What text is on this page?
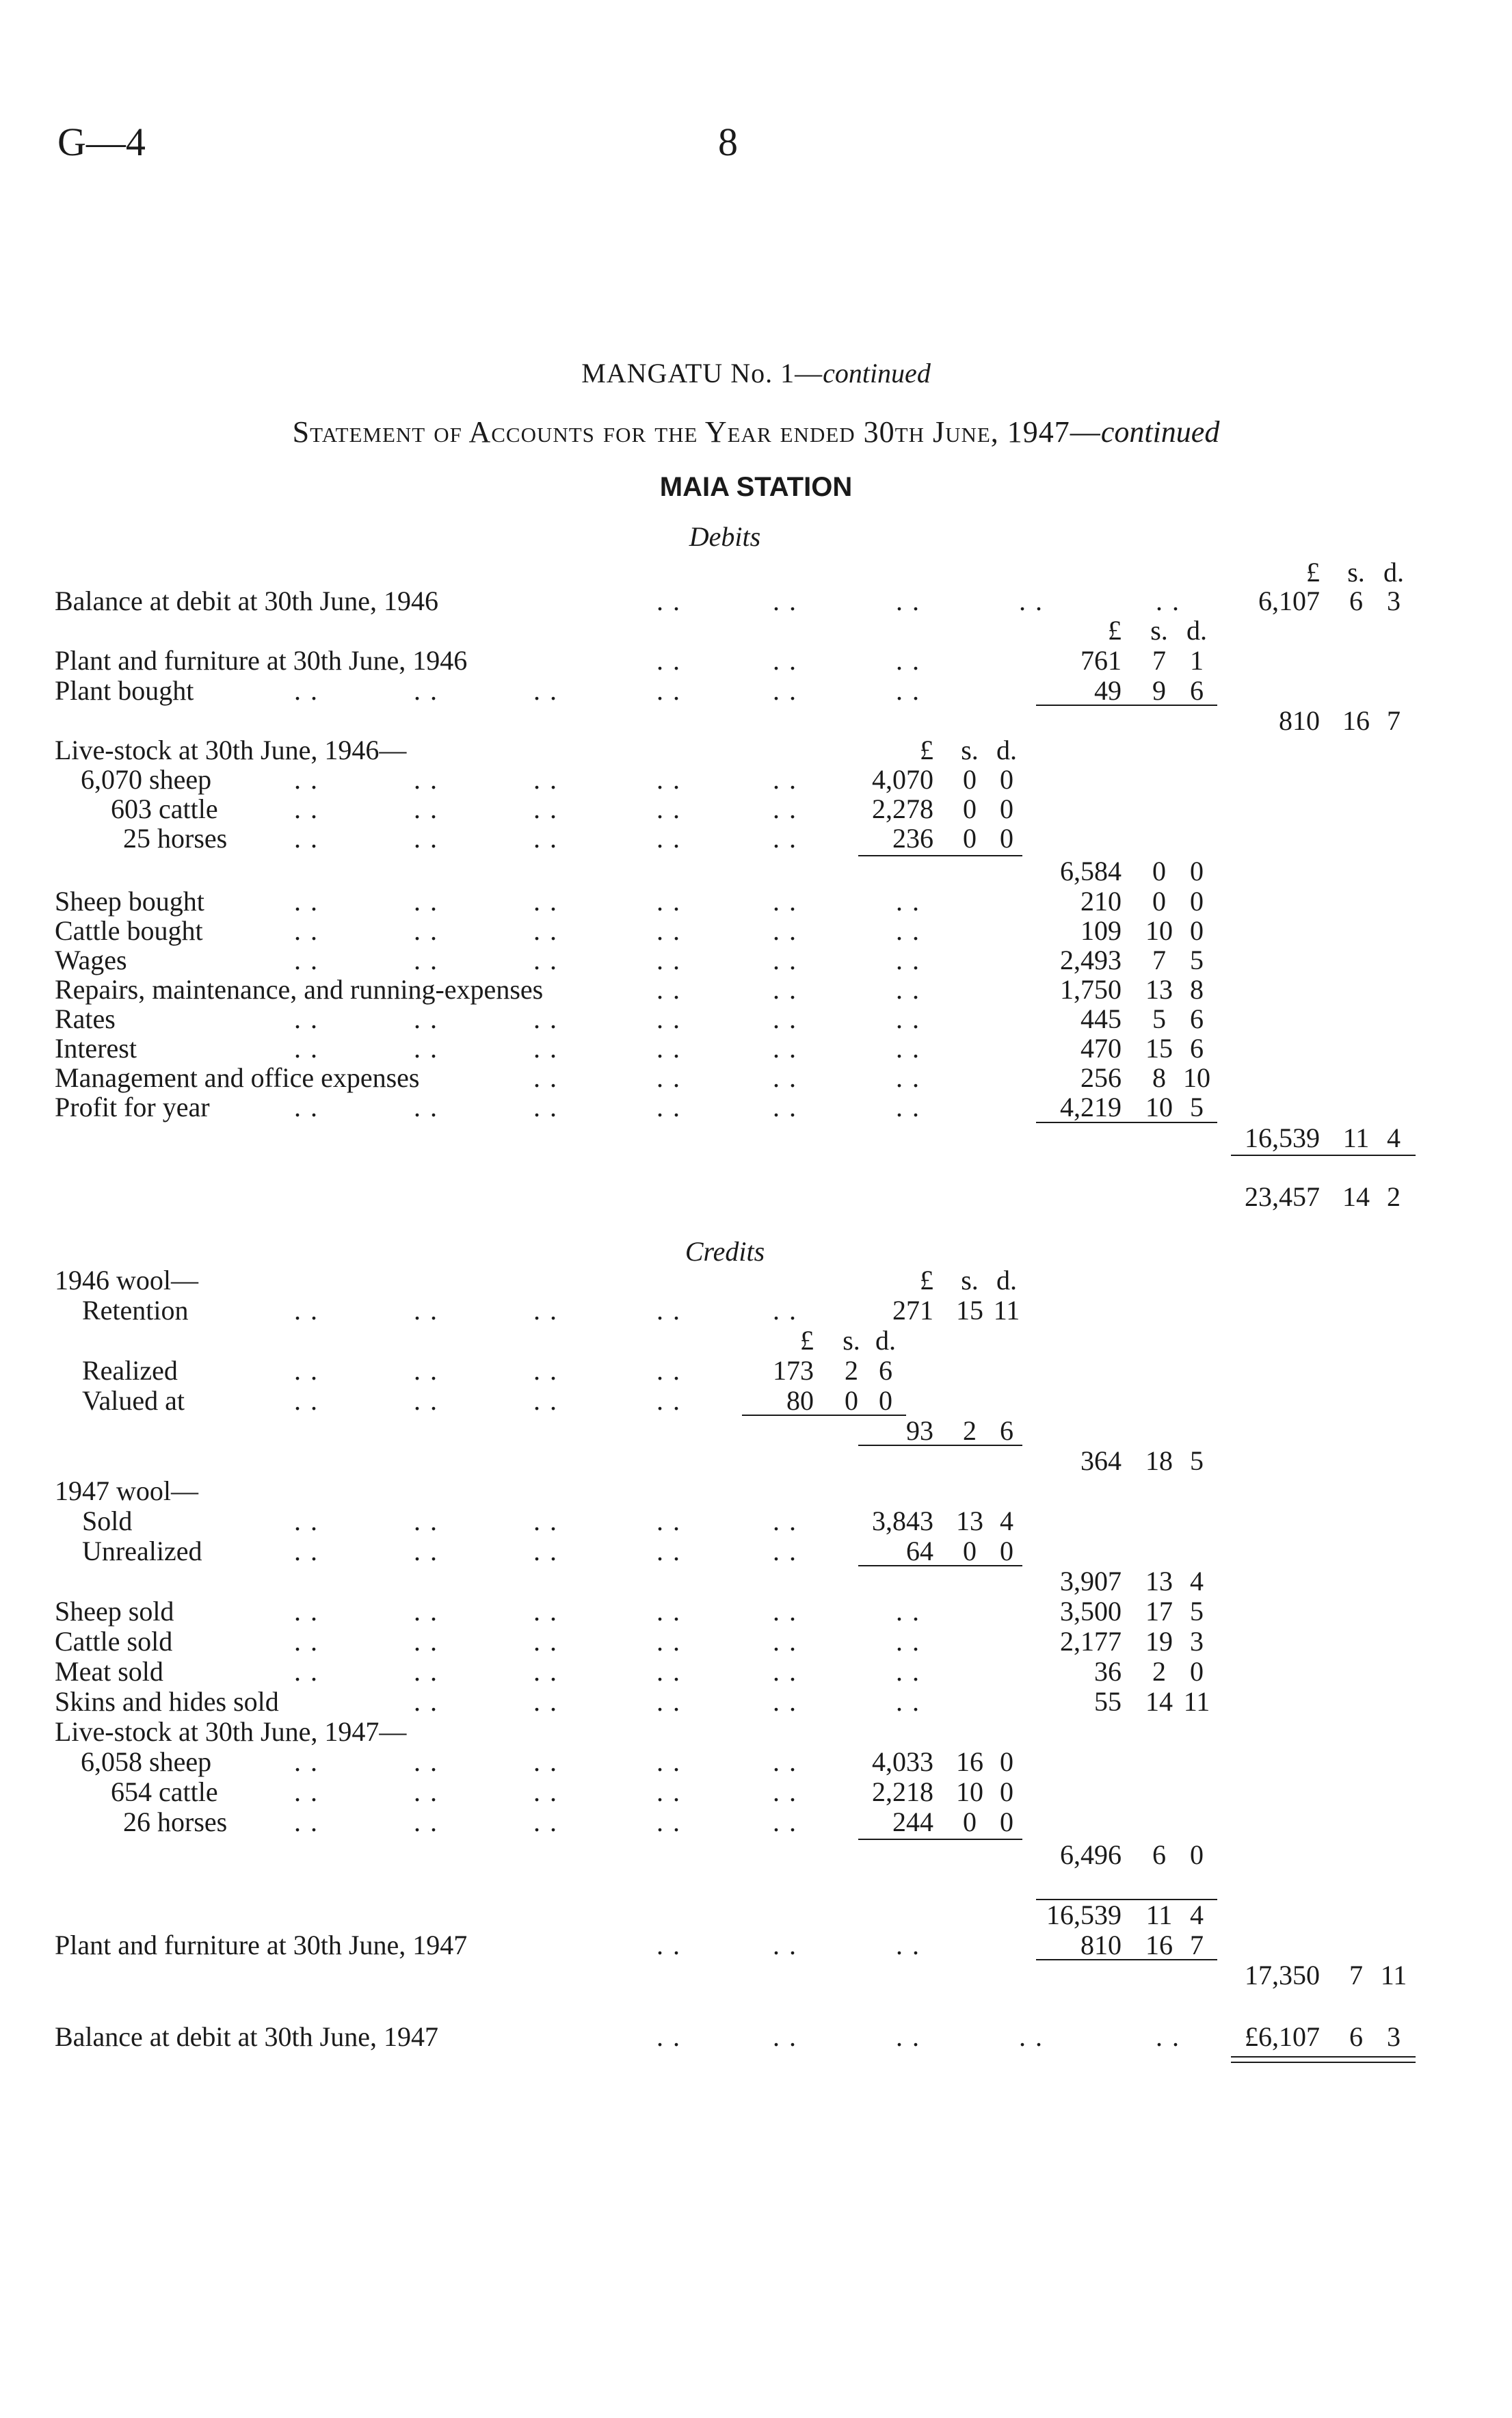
G—4	8
MANGATU No. 1—continued
Statement of Accounts for the Year ended 30th June, 1947—continued
MAIA STATION
Debits
£	s. d.
Balance at debit at 30th June, 1946	. .	. .	. .	. .	. .	6,107	6 3
£	s. d.
Plant and furniture at 30th June, 1946	. .	. .	. .	761	7 1
Plant bought	. .	. .	. .	. .	. .	. .	49	9 6
810 16 7
£	s. d.
Live-stock at 30th June, 1946—
6,070 sheep	. .	. .	. .	. .	. .	4,070	0 0
603 cattle	. .	. .	. .	. .	. .	2,278	0 0
25 horses . .	. .	. .	. .	. .	236	0 0
6,584	0 0
Sheep bought	. .	. .	. .	. .	. .	. .	210	0 0
Cattle bought	. .	. .	. .	. .	. .	. .	109 10 0
Wages	. .	. .	. .	. .	. .	. .	2,493	7 5
Repairs, maintenance, and running-expenses	. .	. .	. .	1,750 13 8
Rates	. .	. .	. .	. .	. .	. .	445	5 6
Interest	. .	. .	. .	. .	. .	. .	470 15 6
Management and office expenses	. .	. .	. .	. .	256	8 10
Profit for year	. .	. .	. .	. .	. .	. .	4,219 10 5
16,539 11 4
23,457 14 2
Credits
£	s. d.
1946 wool—
Retention	. .	. .	. .	. .	. .	271 15 11
£	s. d.
Realized	. .	. .	. .	. .	173	2 6
Valued at	. .	. .	. .	. .	80	0 0
93	2 6
364 18 5
1947 wool—
Sold	. .	. .	. .	. .	. .	3,843 13 4
Unrealized	. .	. .	. .	. .	. .	64	0 0
3,907 13 4
Sheep sold	. .	. .	. .	. .	. .	. .	3,500 17 5
Cattle sold	. .	. .	. .	. .	. .	. .	2,177 19 3
Meat sold	. .	. .	. .	. .	. .	. .	36	2 0
Skins and hides sold	. .	. .	. .	. .	. .	55 14 11
Live-stock at 30th June, 1947—
6,058 sheep	. .	. .	. .	. .	. .	4,033 16 0
654 cattle	. .	. .	. .	. .	. .	2,218 10 0
26 horses . .	. .	. .	. .	. .	244	0 0
6,496	6 0
16,539 11 4
Plant and furniture at 30th June, 1947	. .	. .	. .	810 16 7
17,350	7 11
Balance at debit at 30th June, 1947	. .	. .	. .	. .	. .	£6,107	6 3
